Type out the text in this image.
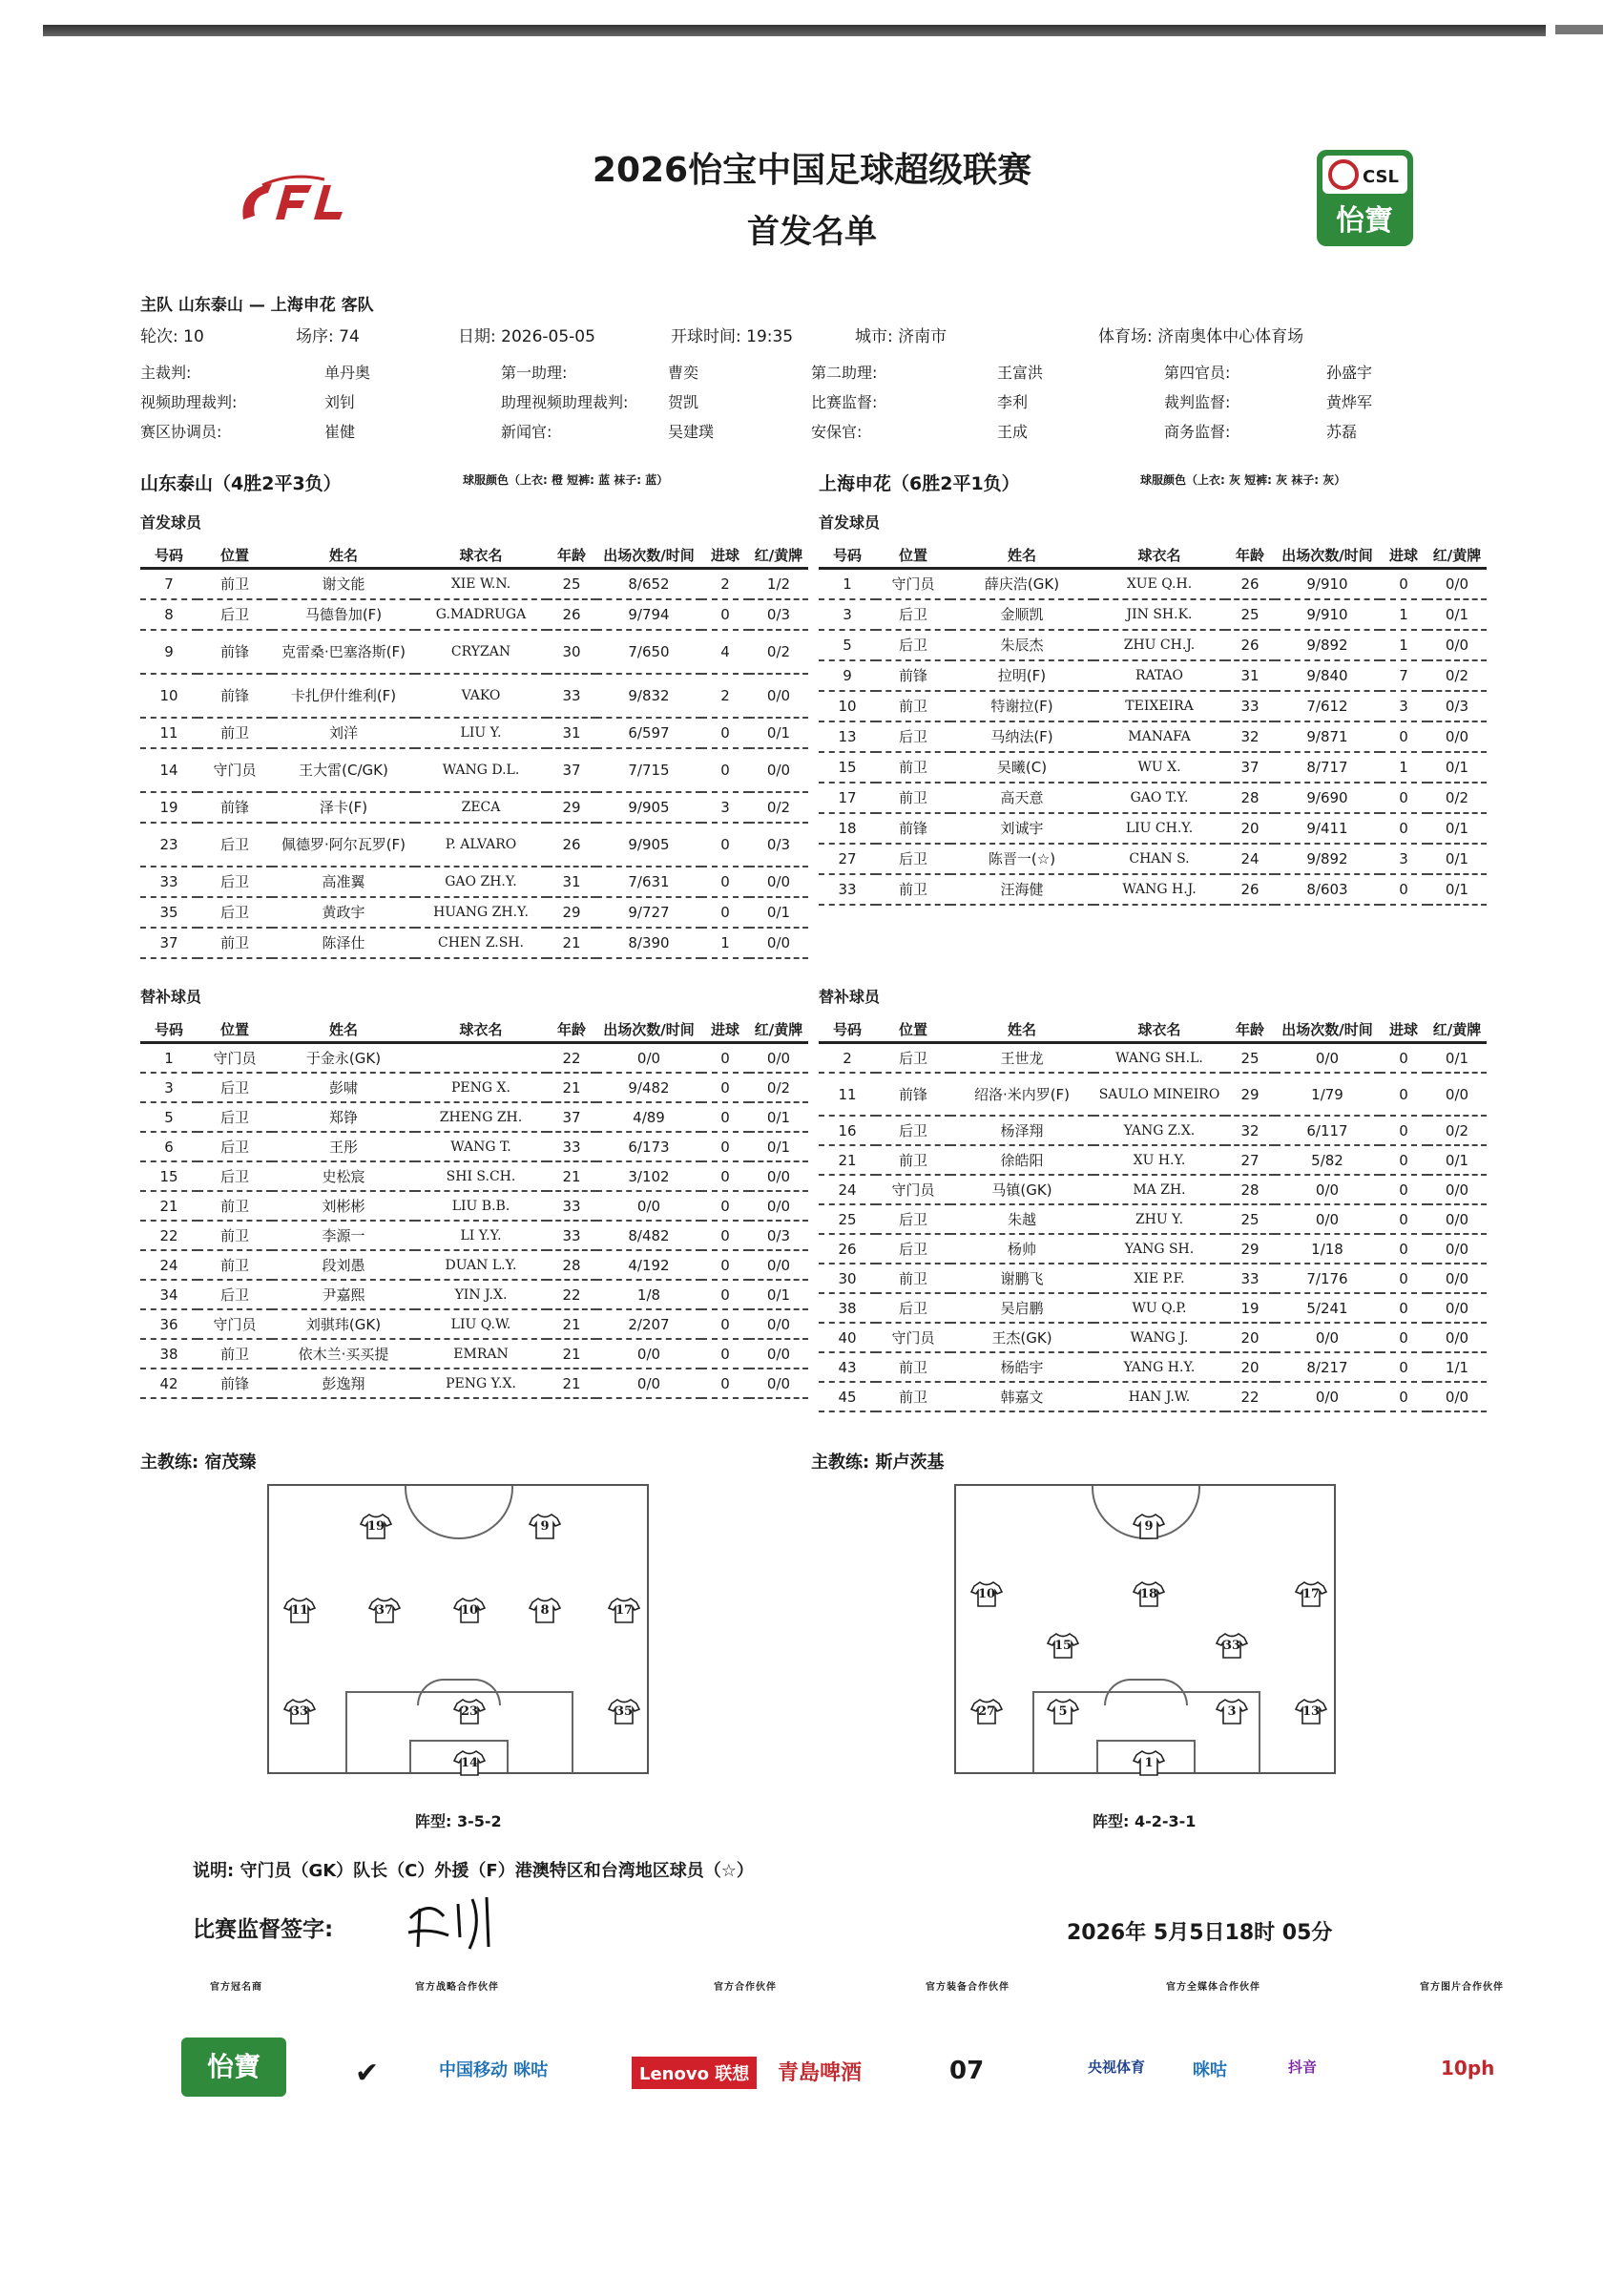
CSL
怡寶
2026怡宝中国足球超级联赛
首发名单
主队 山东泰山 — 上海申花 客队
轮次: 10	场序: 74	日期: 2026-05-05	开球时间: 19:35	城市: 济南市	体育场: 济南奥体中心体育场
主裁判:	单丹奥	第一助理:	曹奕	第二助理:	王富洪	第四官员:	孙盛宇
视频助理裁判:	刘钊	助理视频助理裁判:	贺凯	比赛监督:	李利	裁判监督:	黄烨军
赛区协调员:	崔健	新闻官:	吴建璞	安保官:	王成	商务监督:	苏磊
山东泰山（4胜2平3负）	球服颜色（上衣: 橙 短裤: 蓝 袜子: 蓝）	上海申花（6胜2平1负）	球服颜色（上衣: 灰 短裤: 灰 袜子: 灰）
首发球员	首发球员
号码	位置	姓名	球衣名	年龄	出场次数/时间	进球	红/黄牌
7	前卫	谢文能	XIE W.N.	25	8/652	2	1/2
8	后卫	马德鲁加(F)	G.MADRUGA	26	9/794	0	0/3
9	前锋	克雷桑·巴塞洛斯(F)	CRYZAN	30	7/650	4	0/2
10	前锋	卡扎伊什维利(F)	VAKO	33	9/832	2	0/0
11	前卫	刘洋	LIU Y.	31	6/597	0	0/1
14	守门员	王大雷(C/GK)	WANG D.L.	37	7/715	0	0/0
19	前锋	泽卡(F)	ZECA	29	9/905	3	0/2
23	后卫	佩德罗·阿尔瓦罗(F)	P. ALVARO	26	9/905	0	0/3
33	后卫	高准翼	GAO ZH.Y.	31	7/631	0	0/0
35	后卫	黄政宇	HUANG ZH.Y.	29	9/727	0	0/1
37	前卫	陈泽仕	CHEN Z.SH.	21	8/390	1	0/0
号码	位置	姓名	球衣名	年龄	出场次数/时间	进球	红/黄牌
1	守门员	薛庆浩(GK)	XUE Q.H.	26	9/910	0	0/0
3	后卫	金顺凯	JIN SH.K.	25	9/910	1	0/1
5	后卫	朱辰杰	ZHU CH.J.	26	9/892	1	0/0
9	前锋	拉明(F)	RATAO	31	9/840	7	0/2
10	前卫	特谢拉(F)	TEIXEIRA	33	7/612	3	0/3
13	后卫	马纳法(F)	MANAFA	32	9/871	0	0/0
15	前卫	吴曦(C)	WU X.	37	8/717	1	0/1
17	前卫	高天意	GAO T.Y.	28	9/690	0	0/2
18	前锋	刘诚宇	LIU CH.Y.	20	9/411	0	0/1
27	后卫	陈晋一(☆)	CHAN S.	24	9/892	3	0/1
33	前卫	汪海健	WANG H.J.	26	8/603	0	0/1
替补球员	替补球员
号码	位置	姓名	球衣名	年龄	出场次数/时间	进球	红/黄牌
1	守门员	于金永(GK)		22	0/0	0	0/0
3	后卫	彭啸	PENG X.	21	9/482	0	0/2
5	后卫	郑铮	ZHENG ZH.	37	4/89	0	0/1
6	后卫	王彤	WANG T.	33	6/173	0	0/1
15	后卫	史松宸	SHI S.CH.	21	3/102	0	0/0
21	前卫	刘彬彬	LIU B.B.	33	0/0	0	0/0
22	前卫	李源一	LI Y.Y.	33	8/482	0	0/3
24	前卫	段刘愚	DUAN L.Y.	28	4/192	0	0/0
34	后卫	尹嘉熙	YIN J.X.	22	1/8	0	0/1
36	守门员	刘骐玮(GK)	LIU Q.W.	21	2/207	0	0/0
38	前卫	依木兰·买买提	EMRAN	21	0/0	0	0/0
42	前锋	彭逸翔	PENG Y.X.	21	0/0	0	0/0
号码	位置	姓名	球衣名	年龄	出场次数/时间	进球	红/黄牌
2	后卫	王世龙	WANG SH.L.	25	0/0	0	0/1
11	前锋	绍洛·米内罗(F)	SAULO MINEIRO	29	1/79	0	0/0
16	后卫	杨泽翔	YANG Z.X.	32	6/117	0	0/2
21	前卫	徐皓阳	XU H.Y.	27	5/82	0	0/1
24	守门员	马镇(GK)	MA ZH.	28	0/0	0	0/0
25	后卫	朱越	ZHU Y.	25	0/0	0	0/0
26	后卫	杨帅	YANG SH.	29	1/18	0	0/0
30	前卫	谢鹏飞	XIE P.F.	33	7/176	0	0/0
38	后卫	吴启鹏	WU Q.P.	19	5/241	0	0/0
40	守门员	王杰(GK)	WANG J.	20	0/0	0	0/0
43	前卫	杨皓宇	YANG H.Y.	20	8/217	0	1/1
45	前卫	韩嘉文	HAN J.W.	22	0/0	0	0/0
主教练: 宿茂臻	主教练: 斯卢茨基
19	9
11	37	10	8	17
33	23	35
14
9
10	18	17
15	33
27	5	3	13
1
阵型: 3-5-2	阵型: 4-2-3-1
说明: 守门员（GK）队长（C）外援（F）港澳特区和台湾地区球员（☆）
比赛监督签字:	2026年 5月5日18时 05分
官方冠名商	官方战略合作伙伴	官方合作伙伴	官方装备合作伙伴	官方全媒体合作伙伴	官方图片合作伙伴
怡寶	✔	中国移动 咪咕	Lenovo 联想	青島啤酒	07	央视体育	咪咕	抖音	10ph
